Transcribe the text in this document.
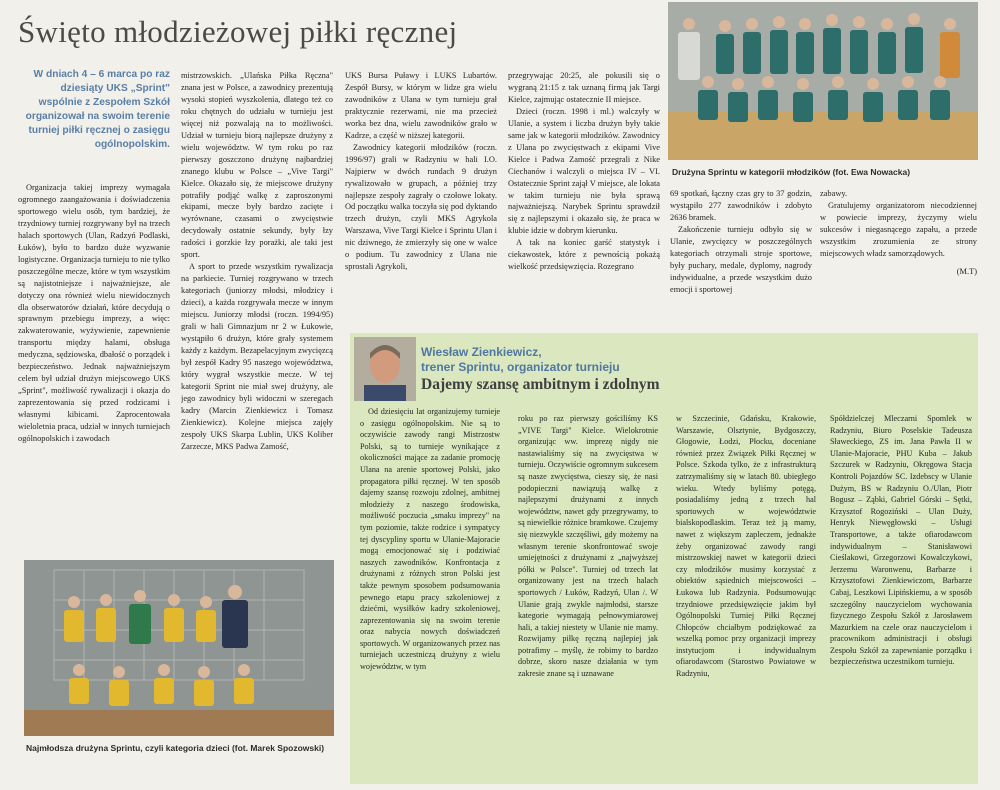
Święto młodzieżowej piłki ręcznej
W dniach 4 – 6 marca po raz dziesiąty UKS „Sprint" wspólnie z Zespołem Szkół organizował na swoim terenie turniej piłki ręcznej o zasięgu ogólnopolskim.

Organizacja takiej imprezy wymagała ogromnego zaangażowania i doświadczenia sportowego wielu osób, tym bardziej, że trzydniowy turniej rozgrywany był na trzech halach sportowych (Ulan, Radzyń Podlaski, Łuków), było to bardzo duże wyzwanie logistyczne. Organizacja turnieju to nie tylko poszczególne mecze, które w tym wszystkim są najistotniejsze i najważniejsze, ale dotyczy ona również wielu niewidocznych dla obserwatorów działań, które decydują o sprawnym przebiegu imprezy, a więc: zakwaterowanie, wyżywienie, zapewnienie transportu między halami, obsługa medyczna, sędziowska, dbałość o porządek i bezpieczeństwo. Jednak najważniejszym celem był udział drużyn miejscowego UKS „Sprint", możliwość rywalizacji i okazja do zaprezentowania się przed rodzicami i własnymi kibicami. Zaprocentowała wieloletnia praca, udział w innych turniejach ogólnopolskich i zawodach

mistrzowskich. „Ulańska Piłka Ręczna" znana jest w Polsce, a zawodnicy prezentują wysoki stopień wyszkolenia, dlatego też co roku chętnych do udziału w turnieju jest więcej niż pozwalają na to możliwości. Udział w turnieju biorą najlepsze drużyny z wielu województw. W tym roku po raz pierwszy goszczono drużynę najbardziej znanego klubu w Polsce – „Vive Targi" Kielce. Okazało się, że miejscowe drużyny potrafiły podjąć walkę z zaproszonymi ekipami, mecze były bardzo zacięte i wyrównane, czasami o zwycięstwie decydowały ostatnie sekundy, były łzy radości i gorzkie łzy porażki, ale taki jest sport.

A sport to przede wszystkim rywalizacja na parkiecie. Turniej rozgrywano w trzech kategoriach (juniorzy młodsi, młodzicy i dzieci), a każda rozgrywała mecze w innym miejscu. Juniorzy młodsi (roczn. 1994/95) grali w hali Gimnazjum nr 2 w Łukowie, wystąpiło 6 drużyn, które grały systemem każdy z każdym. Bezapelacyjnym zwycięzcą był zespół Kadry 95 naszego województwa, który wygrał wszystkie mecze. W tej kategorii Sprint nie miał swej drużyny, ale jego zawodnicy byli widoczni w szeregach kadry (Marcin Zienkiewicz i Tomasz Zienkiewicz). Kolejne miejsca zajęły zespoły UKS Skarpa Lublin, UKS Koliber Zarzecze, MKS Padwa Zamość,

UKS Bursa Puławy i LUKS Lubartów. Zespół Bursy, w którym w lidze gra wielu zawodników z Ulana w tym turnieju grał praktycznie rezerwami, nie ma przecież worka bez dna, wielu zawodników grało w Kadrze, a część w niższej kategorii.

Zawodnicy kategorii młodzików (roczn. 1996/97) grali w Radzyniu w hali I.O. Najpierw w dwóch rundach 9 drużyn rywalizowało w grupach, a później trzy najlepsze zespoły zagrały o czołowe lokaty. Od początku walka toczyła się pod dyktando trzech drużyn, czyli MKS Agrykola Warszawa, Vive Targi Kielce i Sprintu Ulan i nic dziwnego, że zmierzyły się one w walce o podium. Tu zawodnicy z Ulana nie sprostali Agrykoli,

przegrywając 20:25, ale pokusili się o wygraną 21:15 z tak uznaną firmą jak Targi Kielce, zajmując ostatecznie II miejsce.

Dzieci (roczn. 1998 i ml.) walczyły w Ulanie, a system i liczba drużyn były takie same jak w kategorii młodzików. Zawodnicy z Ulana po zwycięstwach z ekipami Vive Kielce i Padwa Zamość przegrali z Nike Ciechanów i walczyli o miejsca IV – VI. Ostatecznie Sprint zajął V miejsce, ale lokata w takim turnieju nie była sprawą najważniejszą. Narybek Sprintu sprawdził się z najlepszymi i okazało się, że praca w klubie idzie w dobrym kierunku.

A tak na koniec garść statystyk i ciekawostek, które z pewnością pokażą wielkość przedsięwzięcia. Rozegrano

69 spotkań, łączny czas gry to 37 godzin, wystąpiło 277 zawodników i zdobyto 2636 bramek.

Zakończenie turnieju odbyło się w Ulanie, zwycięzcy w poszczególnych kategoriach otrzymali stroje sportowe, były puchary, medale, dyplomy, nagrody indywidualne, a przede wszystkim dużo emocji i sportowej

zabawy.

Gratulujemy organizatorom niecodziennej w powiecie imprezy, życzymy wielu sukcesów i niegasnącego zapału, a przede wszystkim zrozumienia ze strony miejscowych władz samorządowych.

(M.T)
Drużyna Sprintu w kategorii młodzików (fot. Ewa Nowacka)
Najmłodsza drużyna Sprintu, czyli kategoria dzieci (fot. Marek Spozowski)

Od dziesięciu lat organizujemy turnieje o zasięgu ogólnopolskim. Nie są to oczywiście zawody rangi Mistrzostw Polski, są to turnieje wynikające z okoliczności mające za zadanie promocję Ulana na arenie sportowej Polski, jako propagatora piłki ręcznej. W ten sposób dajemy szansę rozwoju zdolnej, ambitnej młodzieży z naszego środowiska, możliwość poczucia „smaku imprezy" na tym poziomie, także rodzice i sympatycy tej dyscypliny sportu w Ulanie-Majoracie mogą emocjonować się i podziwiać naszych zawodników. Konfrontacja z drużynami z różnych stron Polski jest także pewnym sposobem podsumowania pewnego etapu pracy szkoleniowej z dziećmi, wysiłków kadry szkoleniowej, zaprezentowania się na swoim terenie oraz nabycia nowych doświadczeń sportowych. W organizowanych przez nas turniejach uczestniczą drużyny z wielu województw, w tym

roku po raz pierwszy gościliśmy KS „VIVE Targi" Kielce. Wielokrotnie organizując ww. imprezę nigdy nie nastawialiśmy się na zwycięstwa w turnieju. Oczywiście ogromnym sukcesem są nasze zwycięstwa, cieszy się, że nasi podopieczni nawiązują walkę z najlepszymi drużynami z innych województw, nawet gdy przegrywamy, to są niewielkie różnice bramkowe. Czujemy się niezwykle szczęśliwi, gdy możemy na własnym terenie skonfrontować swoje umiejętności z drużynami z „najwyższej półki w Polsce". Turniej od trzech lat organizowany jest na trzech halach sportowych / Łuków, Radzyń, Ulan /. W Ulanie grają zwykle najmłodsi, starsze kategorie wymagają pełnowymiarowej hali, a takiej niestety w Ulanie nie mamy. Rozwijamy piłkę ręczną najlepiej jak potrafimy – myślę, że robimy to bardzo dobrze, skoro nasze działania w tym zakresie znane są i uznawane

w Szczecinie, Gdańsku, Krakowie, Warszawie, Olsztynie, Bydgoszczy, Głogowie, Łodzi, Płocku, doceniane również przez Związek Piłki Ręcznej w Polsce. Szkoda tylko, że z infrastrukturą zatrzymaliśmy się w latach 80. ubiegłego wieku. Wtedy byliśmy potęgą, posiadaliśmy jedną z trzech hal sportowych w województwie bialskopodlaskim. Teraz też ją mamy, nawet z większym zapleczem, jednakże żeby organizować zawody rangi mistrzowskiej nawet w kategorii dzieci czy młodzików musimy korzystać z obiektów sąsiednich miejscowości – Łukowa lub Radzynia. Podsumowując trzydniowe przedsięwzięcie jakim był Ogólnopolski Turniej Piłki Ręcznej Chłopców chciałbym podziękować za wszelką pomoc przy organizacji imprezy instytucjom i indywidualnym ofiarodawcom (Starostwo Powiatowe w Radzyniu,

Spółdzielczej Mleczarni Spomlek w Radzyniu, Biuro Poselskie Tadeusza Sławeckiego, ZS im. Jana Pawła II w Ulanie-Majoracie, PHU Kuba – Jakub Szczurek w Radzyniu, Okręgowa Stacja Kontroli Pojazdów SC. Izdebscy w Ulanie Dużym, BS w Radzyniu O./Ulan, Piotr Bogusz – Ząbki, Gabriel Górski – Sętki, Krzysztof Rogoziński – Ulan Duży, Henryk Niewęgłowski – Usługi Transportowe, a także ofiarodawcom indywidualnym – Stanisławowi Cieślakowi, Grzegorzowi Kowalczykowi, Jerzemu Waronwenu, Barbarze i Krzysztofowi Zienkiewiczom, Barbarze Cabaj, Leszkowi Lipińskiemu, a w sposób szczególny nauczycielom wychowania fizycznego Zespołu Szkół z Jarosławem Mazurkiem na czele oraz nauczycielom i pracownikom administracji i obsługi Zespołu Szkół za zapewnianie porządku i bezpieczeństwa uczestnikom turnieju.

Wiesław Zienkiewicz,
trener Sprintu, organizator turnieju
Dajemy szansę ambitnym i zdolnym
